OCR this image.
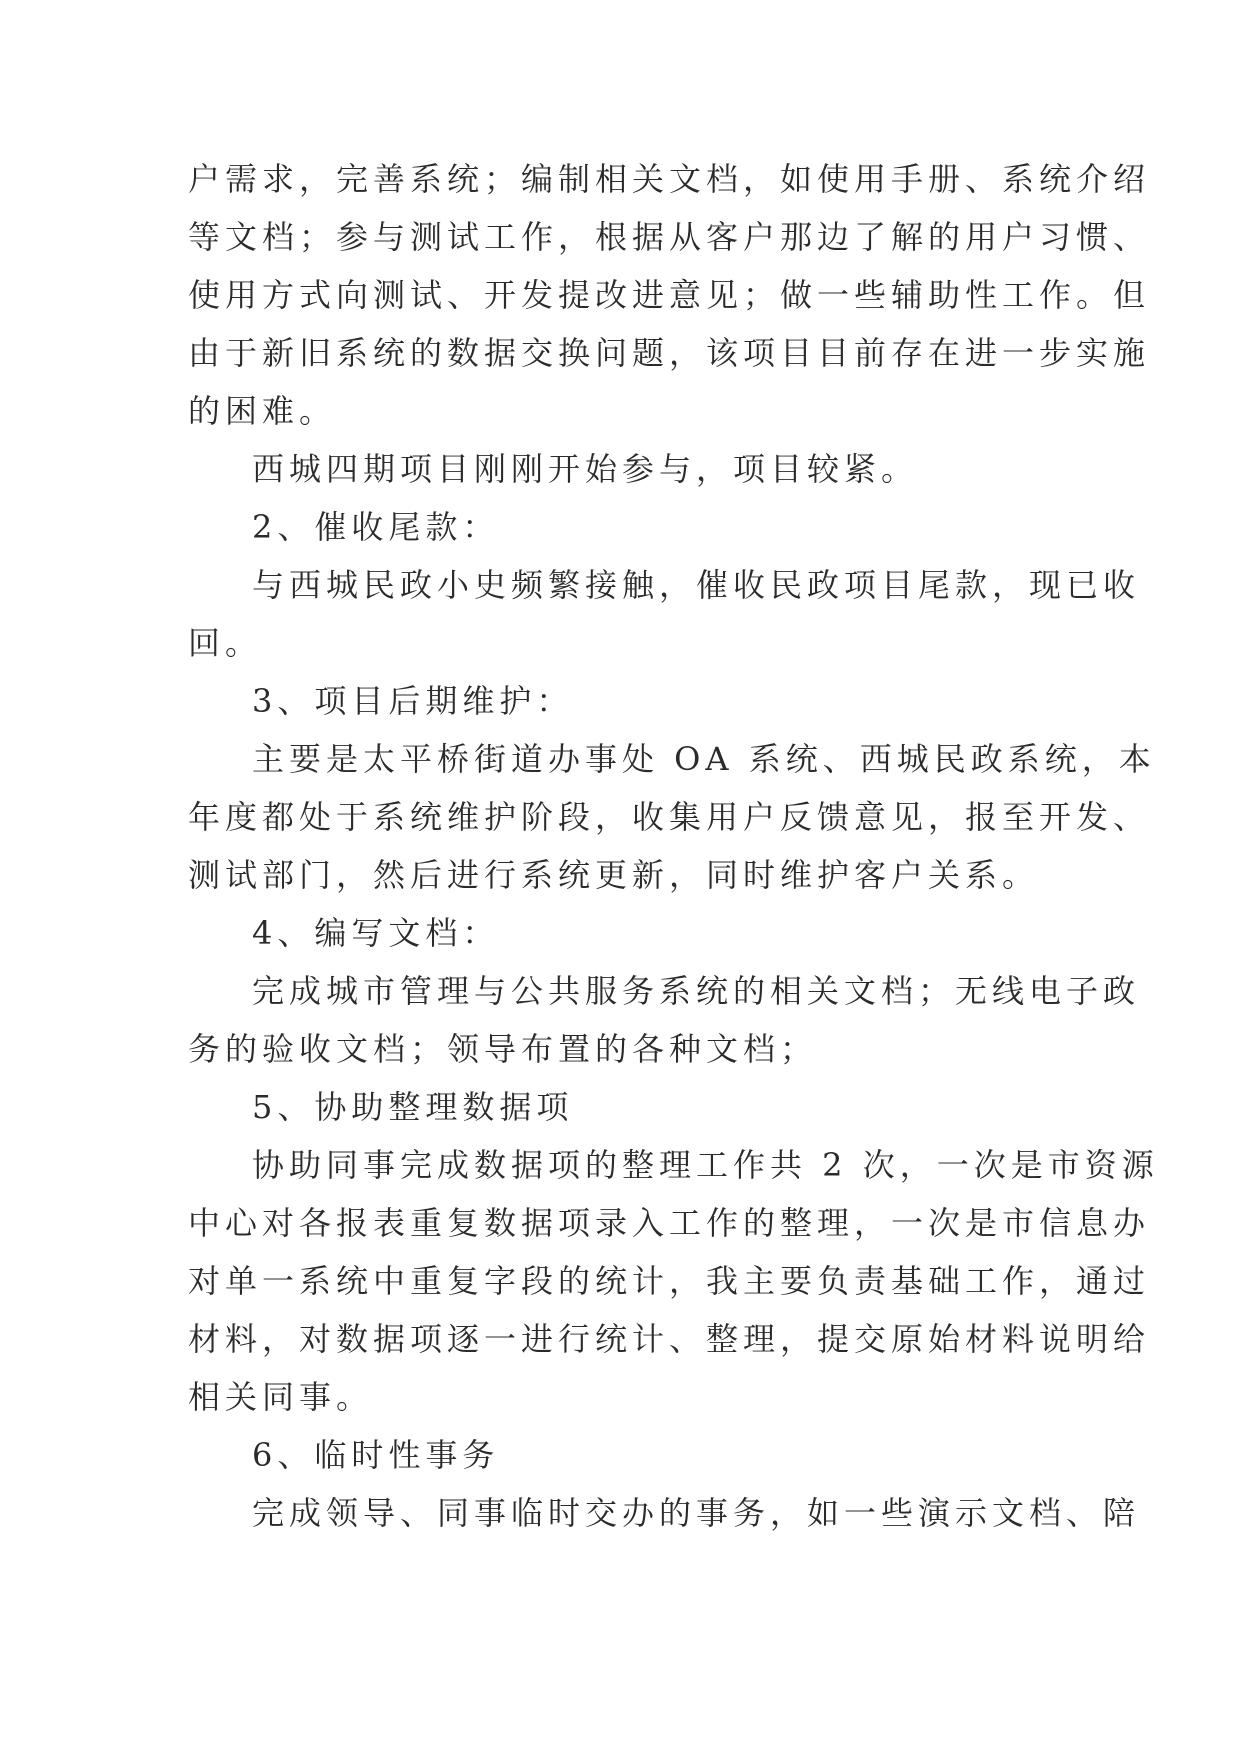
户需求，完善系统；编制相关文档，如使用手册、系统介绍
等文档；参与测试工作，根据从客户那边了解的用户习惯、
使用方式向测试、开发提改进意见；做一些辅助性工作。但
由于新旧系统的数据交换问题，该项目目前存在进一步实施
的困难。
西城四期项目刚刚开始参与，项目较紧。
2、催收尾款：
与西城民政小史频繁接触，催收民政项目尾款，现已收
回。
3、项目后期维护：
主要是太平桥街道办事处 OA 系统、西城民政系统，本
年度都处于系统维护阶段，收集用户反馈意见，报至开发、
测试部门，然后进行系统更新，同时维护客户关系。
4、编写文档：
完成城市管理与公共服务系统的相关文档；无线电子政
务的验收文档；领导布置的各种文档；
5、协助整理数据项
协助同事完成数据项的整理工作共 2 次，一次是市资源
中心对各报表重复数据项录入工作的整理，一次是市信息办
对单一系统中重复字段的统计，我主要负责基础工作，通过
材料，对数据项逐一进行统计、整理，提交原始材料说明给
相关同事。
6、临时性事务
完成领导、同事临时交办的事务，如一些演示文档、陪
